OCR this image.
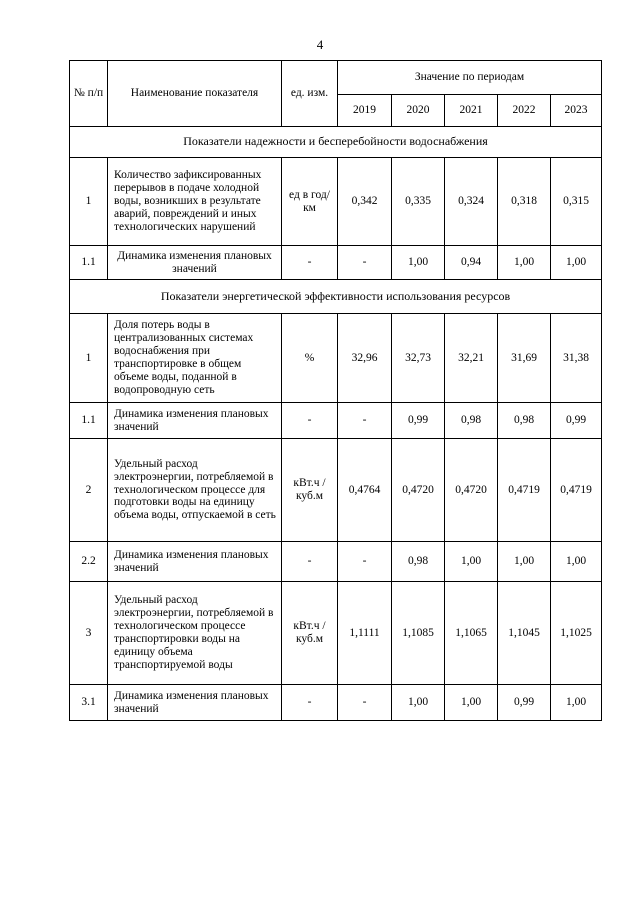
4
№ п/п	Наименование показателя	ед. изм.	Значение по периодам				
			2019	2020	2021	2022	2023
Показатели надежности и бесперебойности водоснабжения							
1	Количество зафиксированных перерывов в подаче холодной воды, возникших в результате аварий, повреждений и иных технологических нарушений	ед в год/ км	0,342	0,335	0,324	0,318	0,315
1.1	Динамика изменения плановых значений	-	-	1,00	0,94	1,00	1,00
Показатели энергетической эффективности использования ресурсов							
1	Доля потерь воды в централизованных системах водоснабжения при транспортировке в общем объеме воды, поданной в водопроводную сеть	%	32,96	32,73	32,21	31,69	31,38
1.1	Динамика изменения плановых значений	-	-	0,99	0,98	0,98	0,99
2	Удельный расход электроэнергии, потребляемой в технологическом процессе для подготовки воды на единицу объема воды, отпускаемой в сеть	кВт.ч / куб.м	0,4764	0,4720	0,4720	0,4719	0,4719
2.2	Динамика изменения плановых значений	-	-	0,98	1,00	1,00	1,00
3	Удельный расход электроэнергии, потребляемой в технологическом процессе транспортировки воды на единицу объема транспортируемой воды	кВт.ч / куб.м	1,1111	1,1085	1,1065	1,1045	1,1025
3.1	Динамика изменения плановых значений	-	-	1,00	1,00	0,99	1,00
